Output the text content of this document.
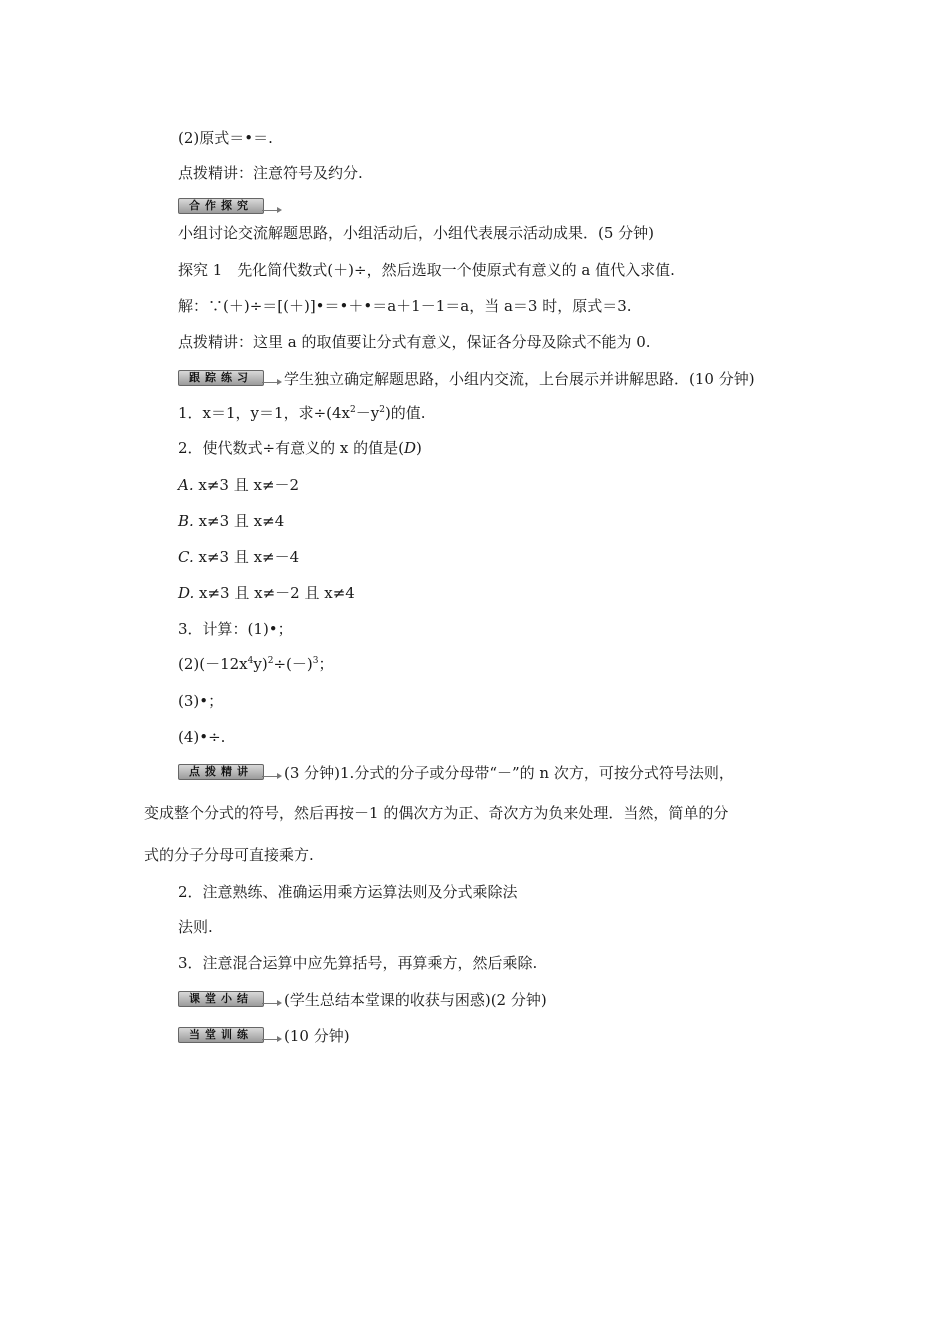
(2)原式＝•＝.
点拨精讲：注意符号及约分.
合作探究
小组讨论交流解题思路，小组活动后，小组代表展示活动成果．(5 分钟)
探究 1　先化简代数式(＋)÷，然后选取一个使原式有意义的 a 值代入求值.
解：∵(＋)÷＝[(＋)]•＝•＋•＝a＋1－1＝a，当 a＝3 时，原式＝3.
点拨精讲：这里 a 的取值要让分式有意义，保证各分母及除式不能为 0.
跟踪练习	学生独立确定解题思路，小组内交流，上台展示并讲解思路．(10 分钟)
1．x＝1，y＝1，求$\div(4x^2-y^2)$的值.
2．使代数式÷有意义的 x 的值是(D)
A. x≠3 且 x≠－2
B. x≠3 且 x≠4
C. x≠3 且 x≠－4
D. x≠3 且 x≠－2 且 x≠4
3．计算：(1)•；
$(2)(-12x^4y)^2\div(-)^3$；
(3)•；
(4)•÷.
点拨精讲	(3 分钟)1.分式的分子或分母带“－”的 n 次方，可按分式符号法则，
变成整个分式的符号，然后再按－1 的偶次方为正、奇次方为负来处理．当然，简单的分
式的分子分母可直接乘方.
2．注意熟练、准确运用乘方运算法则及分式乘除法
法则.
3．注意混合运算中应先算括号，再算乘方，然后乘除.
课堂小结	(学生总结本堂课的收获与困惑)(2 分钟)
当堂训练	(10 分钟)
